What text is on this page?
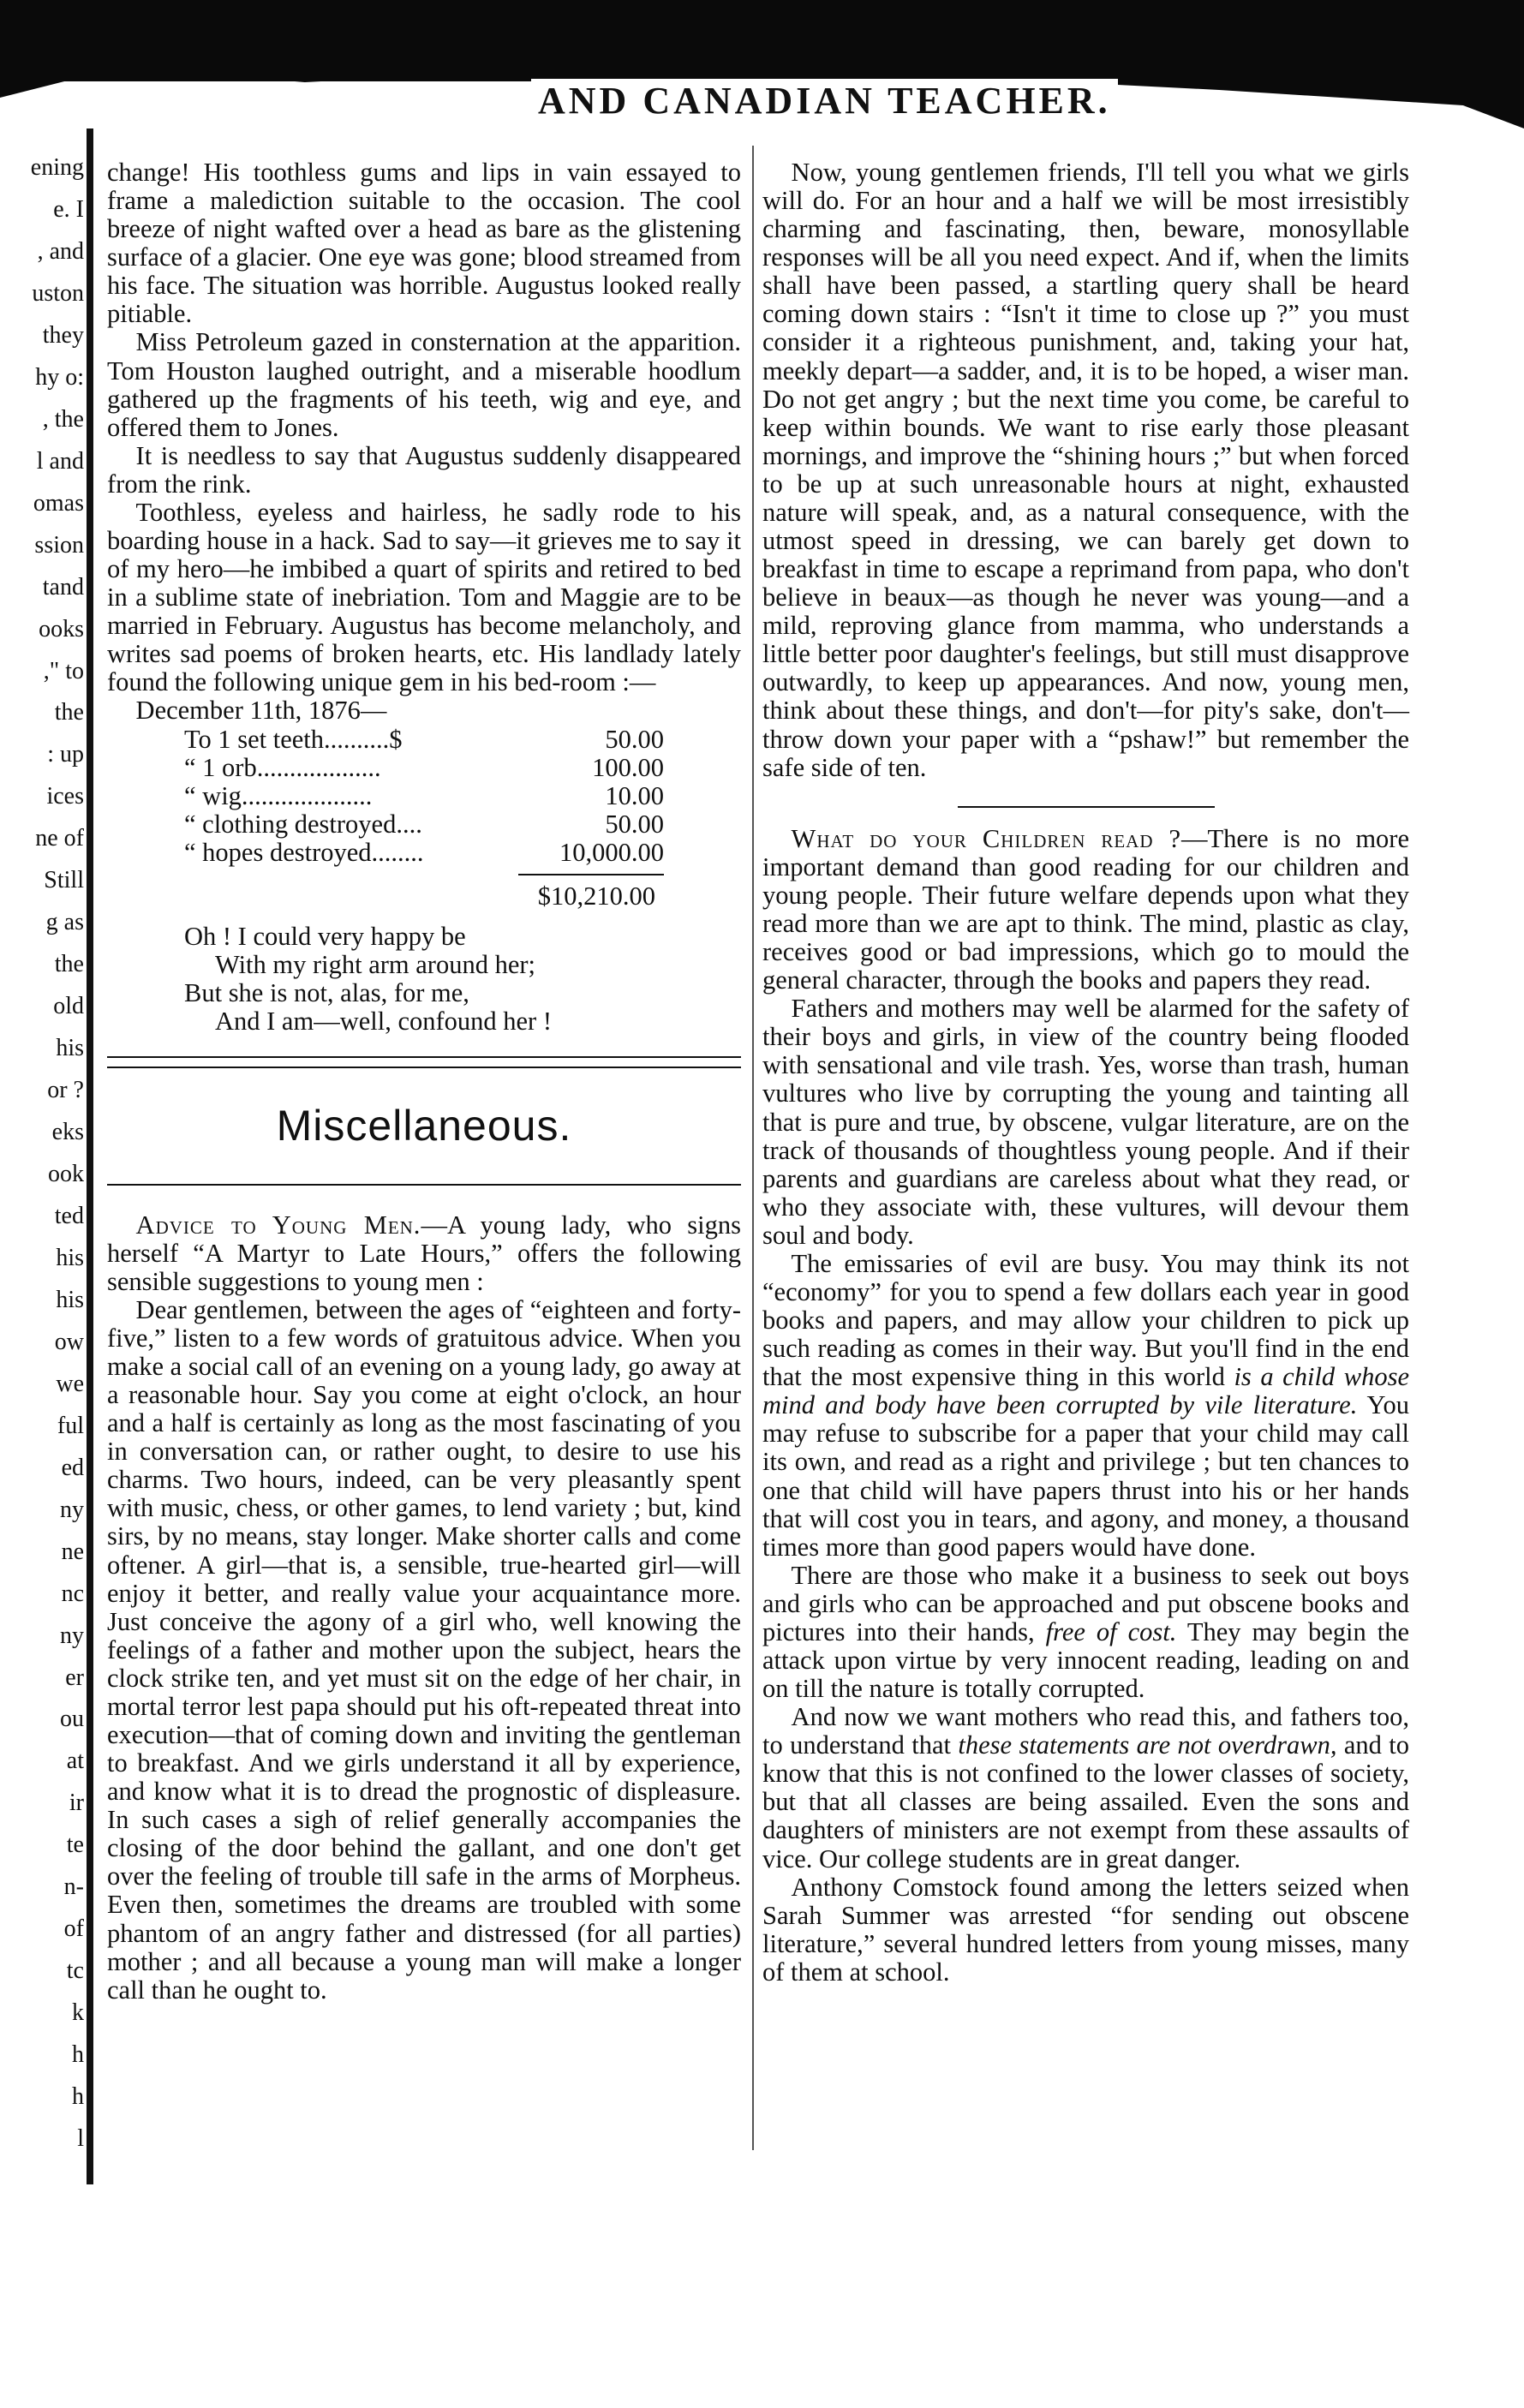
AND CANADIAN TEACHER.
ening
e. I
, and
uston
they
hy o:
, the
l and
omas
ssion
tand
ooks
," to
the
: up
ices
ne of
Still
g as
the
old
his
or ?
eks
ook
ted
his
his
ow
we
ful
ed
ny
ne
nc
ny
er
ou
at
ir
te
n-
of
tc
k
h
h
l

change! His toothless gums and lips in vain essayed to frame a malediction suitable to the occasion. The cool breeze of night wafted over a head as bare as the glistening surface of a glacier. One eye was gone; blood streamed from his face. The situation was horrible. Augustus looked really pitiable.

Miss Petroleum gazed in consternation at the apparition. Tom Houston laughed outright, and a miserable hoodlum gathered up the fragments of his teeth, wig and eye, and offered them to Jones.

It is needless to say that Augustus suddenly disappeared from the rink.

Toothless, eyeless and hairless, he sadly rode to his boarding house in a hack. Sad to say—it grieves me to say it of my hero—he imbibed a quart of spirits and retired to bed in a sublime state of inebriation. Tom and Maggie are to be married in February. Augustus has become melancholy, and writes sad poems of broken hearts, etc. His landlady lately found the following unique gem in his bed-room :—

December 11th, 1876—

To 1 set teeth..........$	50.00
“ 1 orb...................	100.00
“ wig....................	10.00
“ clothing destroyed....	50.00
“ hopes destroyed........	10,000.00
$10,210.00
Oh ! I could very happy be
With my right arm around her;
But she is not, alas, for me,
And I am—well, confound her !
Miscellaneous.

Advice to Young Men.—A young lady, who signs herself “A Martyr to Late Hours,” offers the following sensible suggestions to young men :

Dear gentlemen, between the ages of “eighteen and forty-five,” listen to a few words of gratuitous advice. When you make a social call of an evening on a young lady, go away at a reasonable hour. Say you come at eight o'clock, an hour and a half is certainly as long as the most fascinating of you in conversation can, or rather ought, to desire to use his charms. Two hours, indeed, can be very pleasantly spent with music, chess, or other games, to lend variety ; but, kind sirs, by no means, stay longer. Make shorter calls and come oftener. A girl—that is, a sensible, true-hearted girl—will enjoy it better, and really value your acquaintance more. Just conceive the agony of a girl who, well knowing the feelings of a father and mother upon the subject, hears the clock strike ten, and yet must sit on the edge of her chair, in mortal terror lest papa should put his oft-repeated threat into execution—that of coming down and inviting the gentleman to breakfast. And we girls understand it all by experience, and know what it is to dread the prognostic of displeasure. In such cases a sigh of relief generally accompanies the closing of the door behind the gallant, and one don't get over the feeling of trouble till safe in the arms of Morpheus. Even then, sometimes the dreams are troubled with some phantom of an angry father and distressed (for all parties) mother ; and all because a young man will make a longer call than he ought to.

Now, young gentlemen friends, I'll tell you what we girls will do. For an hour and a half we will be most irresistibly charming and fascinating, then, beware, monosyllable responses will be all you need expect. And if, when the limits shall have been passed, a startling query shall be heard coming down stairs : “Isn't it time to close up ?” you must consider it a righteous punishment, and, taking your hat, meekly depart—a sadder, and, it is to be hoped, a wiser man. Do not get angry ; but the next time you come, be careful to keep within bounds. We want to rise early those pleasant mornings, and improve the “shining hours ;” but when forced to be up at such unreasonable hours at night, exhausted nature will speak, and, as a natural consequence, with the utmost speed in dressing, we can barely get down to breakfast in time to escape a reprimand from papa, who don't believe in beaux—as though he never was young—and a mild, reproving glance from mamma, who understands a little better poor daughter's feelings, but still must disapprove outwardly, to keep up appearances. And now, young men, think about these things, and don't—for pity's sake, don't—throw down your paper with a “pshaw!” but remember the safe side of ten.

What do your Children read ?—There is no more important demand than good reading for our children and young people. Their future welfare depends upon what they read more than we are apt to think. The mind, plastic as clay, receives good or bad impressions, which go to mould the general character, through the books and papers they read.

Fathers and mothers may well be alarmed for the safety of their boys and girls, in view of the country being flooded with sensational and vile trash. Yes, worse than trash, human vultures who live by corrupting the young and tainting all that is pure and true, by obscene, vulgar literature, are on the track of thousands of thoughtless young people. And if their parents and guardians are careless about what they read, or who they associate with, these vultures, will devour them soul and body.

The emissaries of evil are busy. You may think its not “economy” for you to spend a few dollars each year in good books and papers, and may allow your children to pick up such reading as comes in their way. But you'll find in the end that the most expensive thing in this world is a child whose mind and body have been corrupted by vile literature. You may refuse to subscribe for a paper that your child may call its own, and read as a right and privilege ; but ten chances to one that child will have papers thrust into his or her hands that will cost you in tears, and agony, and money, a thousand times more than good papers would have done.

There are those who make it a business to seek out boys and girls who can be approached and put obscene books and pictures into their hands, free of cost. They may begin the attack upon virtue by very innocent reading, leading on and on till the nature is totally corrupted.

And now we want mothers who read this, and fathers too, to understand that these statements are not overdrawn, and to know that this is not confined to the lower classes of society, but that all classes are being assailed. Even the sons and daughters of ministers are not exempt from these assaults of vice. Our college students are in great danger.

Anthony Comstock found among the letters seized when Sarah Summer was arrested “for sending out obscene literature,” several hundred letters from young misses, many of them at school.
